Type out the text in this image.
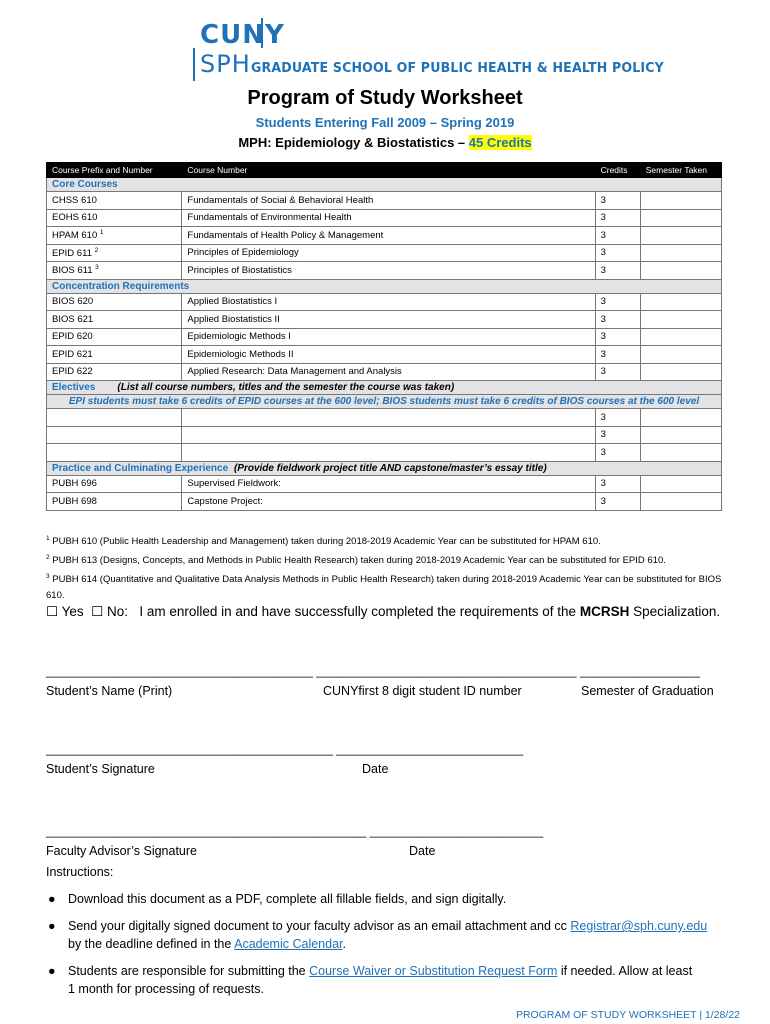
CUNY
SPH GRADUATE SCHOOL OF PUBLIC HEALTH & HEALTH POLICY
Program of Study Worksheet
Students Entering Fall 2009 – Spring 2019
MPH: Epidemiology & Biostatistics – 45 Credits
Course Prefix and Number	Course Number	Credits	Semester Taken
Core Courses			
CHSS 610	Fundamentals of Social & Behavioral Health	3	
EOHS 610	Fundamentals of Environmental Health	3	
HPAM 610 $^1$	Fundamentals of Health Policy & Management	3	
EPID 611 $^2$	Principles of Epidemiology	3	
BIOS 611 $^3$	Principles of Biostatistics	3	
Concentration Requirements			
BIOS 620	Applied Biostatistics I	3	
BIOS 621	Applied Biostatistics II	3	
EPID 620	Epidemiologic Methods I	3	
EPID 621	Epidemiologic Methods II	3	
EPID 622	Applied Research: Data Management and Analysis	3	
Electives (List all course numbers, titles and the semester the course was taken)			
EPI students must take 6 credits of EPID courses at the 600 level; BIOS students must take 6 credits of BIOS courses at the 600 level			
		3	
		3	
		3	
Practice and Culminating Experience (Provide fieldwork project title AND capstone/master’s essay title)			
PUBH 696	Supervised Fieldwork:	3	
PUBH 698	Capstone Project:	3	
$^1$ PUBH 610 (Public Health Leadership and Management) taken during 2018-2019 Academic Year can be substituted for HPAM 610.
$^2$ PUBH 613 (Designs, Concepts, and Methods in Public Health Research) taken during 2018-2019 Academic Year can be substituted for EPID 610.
$^3$ PUBH 614 (Quantitative and Qualitative Data Analysis Methods in Public Health Research) taken during 2018-2019 Academic Year can be substituted for BIOS 610.
☐ Yes ☐ No: I am enrolled in and have successfully completed the requirements of the MCRSH Specialization.
________________________________________ _______________________________________ __________________
Student’s Name (Print)	CUNYfirst 8 digit student ID number	Semester of Graduation
___________________________________________ ____________________________
Student’s Signature	Date
________________________________________________ __________________________
Faculty Advisor’s Signature	Date
Instructions:
● Download this document as a PDF, complete all fillable fields, and sign digitally.
● Send your digitally signed document to your faculty advisor as an email attachment and cc Registrar@sph.cuny.edu
by the deadline defined in the Academic Calendar.
● Students are responsible for submitting the Course Waiver or Substitution Request Form if needed. Allow at least
1 month for processing of requests.
PROGRAM OF STUDY WORKSHEET | 1/28/22
